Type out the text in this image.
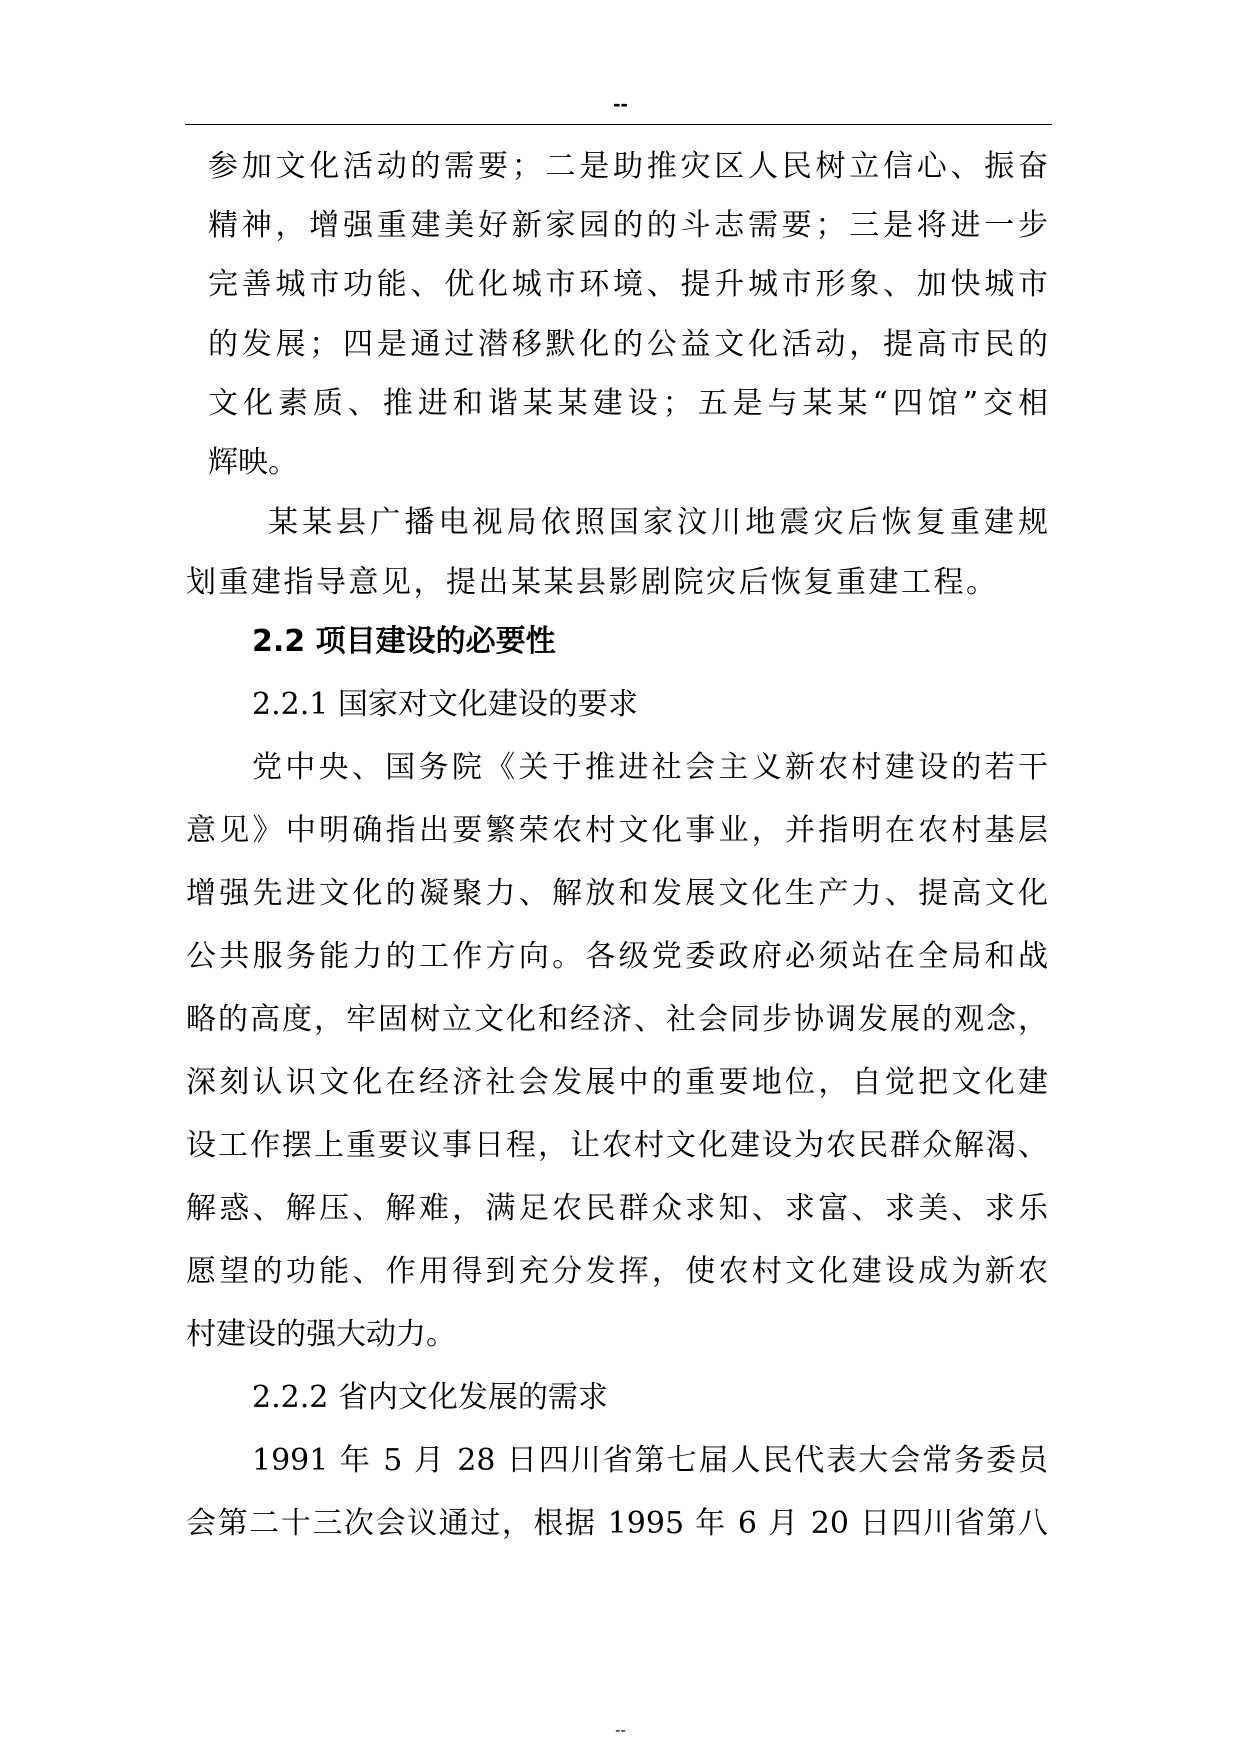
--
参加文化活动的需要；二是助推灾区人民树立信心、振奋
精神，增强重建美好新家园的的斗志需要；三是将进一步
完善城市功能、优化城市环境、提升城市形象、加快城市
的发展；四是通过潜移默化的公益文化活动，提高市民的
文化素质、推进和谐某某建设；五是与某某“四馆”交相
辉映。
某某县广播电视局依照国家汶川地震灾后恢复重建规
划重建指导意见，提出某某县影剧院灾后恢复重建工程。
2.2 项目建设的必要性
2.2.1 国家对文化建设的要求
党中央、国务院《关于推进社会主义新农村建设的若干
意见》中明确指出要繁荣农村文化事业，并指明在农村基层
增强先进文化的凝聚力、解放和发展文化生产力、提高文化
公共服务能力的工作方向。各级党委政府必须站在全局和战
略的高度，牢固树立文化和经济、社会同步协调发展的观念，
深刻认识文化在经济社会发展中的重要地位，自觉把文化建
设工作摆上重要议事日程，让农村文化建设为农民群众解渴、
解惑、解压、解难，满足农民群众求知、求富、求美、求乐
愿望的功能、作用得到充分发挥，使农村文化建设成为新农
村建设的强大动力。
2.2.2 省内文化发展的需求
1991 年 5 月 28 日四川省第七届人民代表大会常务委员
会第二十三次会议通过，根据 1995 年 6 月 20 日四川省第八
--
